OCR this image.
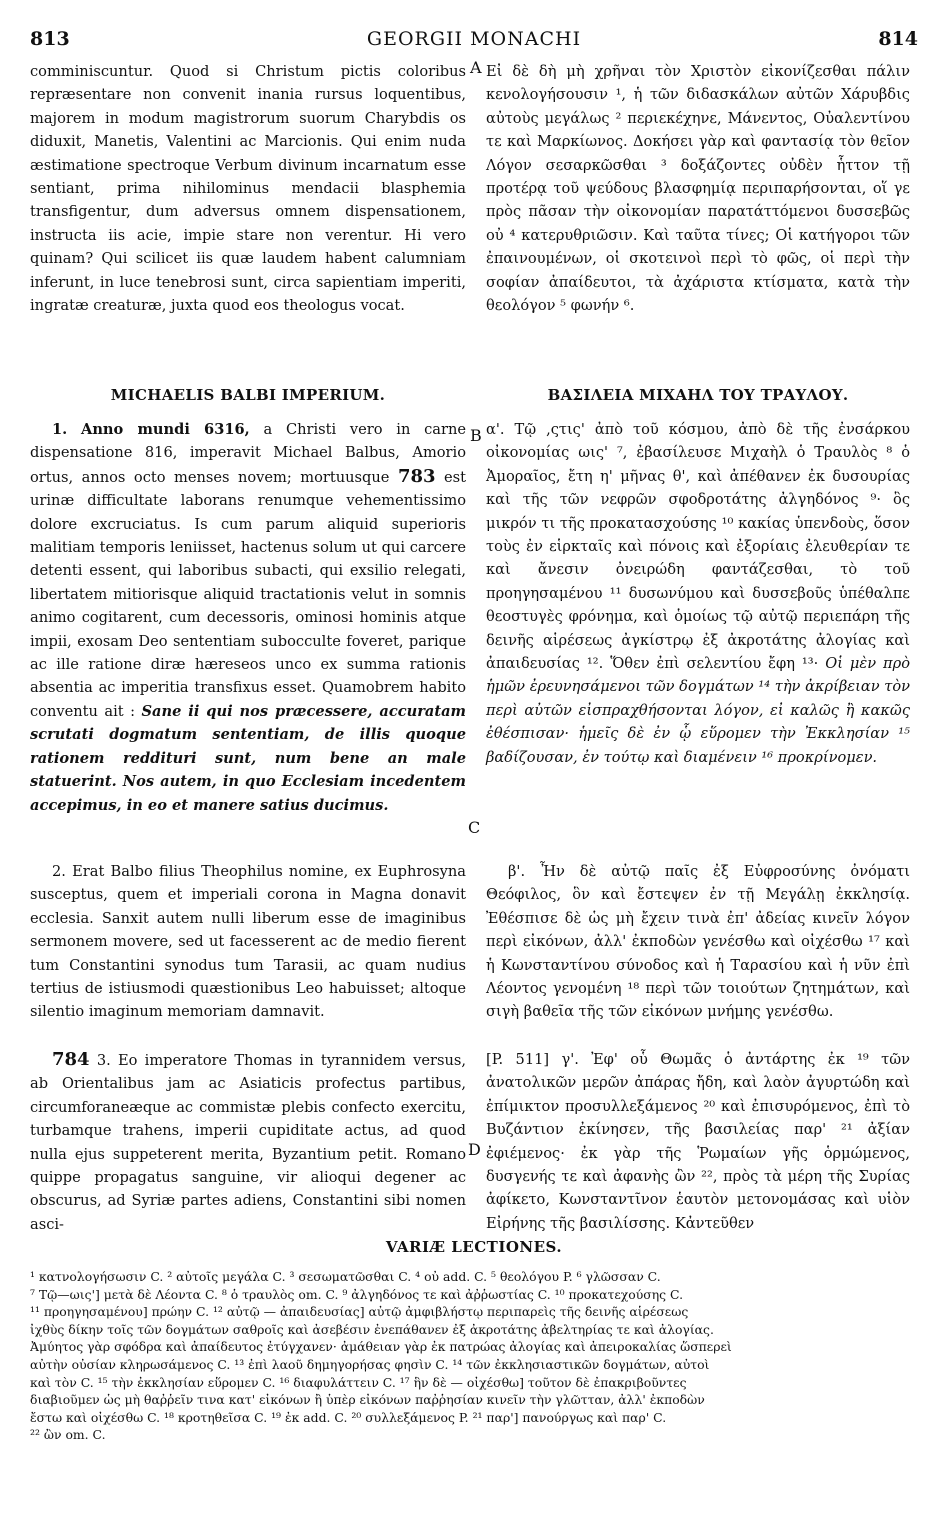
813	GEORGII MONACHI	814

comminiscuntur. Quod si Christum pictis coloribus repræsentare non convenit inania rursus loquentibus, majorem in modum magistrorum suorum Charybdis os diduxit, Manetis, Valentini ac Marcionis. Qui enim nuda æstimatione spectroque Verbum divinum incarnatum esse sentiant, prima nihilominus mendacii blasphemia transfigentur, dum adversus omnem dispensationem, instructa iis acie, impie stare non verentur. Hi vero quinam? Qui scilicet iis quæ laudem habent calumniam inferunt, in luce tenebrosi sunt, circa sapientiam imperiti, ingratæ creaturæ, juxta quod eos theologus vocat.

MICHAELIS BALBI IMPERIUM.

1. Anno mundi 6316, a Christi vero in carne dispensatione 816, imperavit Michael Balbus, Amorio ortus, annos octo menses novem; mortuusque 783 est urinæ difficultate laborans renumque vehementissimo dolore excruciatus. Is cum parum aliquid superioris malitiam temporis leniisset, hactenus solum ut qui carcere detenti essent, qui laboribus subacti, qui exsilio relegati, libertatem mitiorisque aliquid tractationis velut in somnis animo cogitarent, cum decessoris, ominosi hominis atque impii, exosam Deo sententiam subocculte foveret, parique ac ille ratione diræ hæreseos unco ex summa rationis absentia ac imperitia transfixus esset. Quamobrem habito conventu ait : Sane ii qui nos præcessere, accuratam scrutati dogmatum sententiam, de illis quoque rationem reddituri sunt, num bene an male statuerint. Nos autem, in quo Ecclesiam incedentem accepimus, in eo et manere satius ducimus.

2. Erat Balbo filius Theophilus nomine, ex Euphrosyna susceptus, quem et imperiali corona in Magna donavit ecclesia. Sanxit autem nulli liberum esse de imaginibus sermonem movere, sed ut facesserent ac de medio fierent tum Constantini synodus tum Tarasii, ac quam nudius tertius de istiusmodi quæstionibus Leo habuisset; altoque silentio imaginum memoriam damnavit.

784 3. Eo imperatore Thomas in tyrannidem versus, ab Orientalibus jam ac Asiaticis profectus partibus, circumforaneæque ac commistæ plebis confecto exercitu, turbamque trahens, imperii cupiditate actus, ad quod nulla ejus suppeterent merita, Byzantium petit. Romano quippe propagatus sanguine, vir alioqui degener ac obscurus, ad Syriæ partes adiens, Constantini sibi nomen asci-

A
B
C
D

Εἰ δὲ δὴ μὴ χρῆναι τὸν Χριστὸν εἰκονίζεσθαι πάλιν κενολογήσουσιν ¹, ἡ τῶν διδασκάλων αὐτῶν Χάρυβδις αὐτοὺς μεγάλως ² περιεκέχηνε, Μάνεντος, Οὐαλεντίνου τε καὶ Μαρκίωνος. Δοκήσει γὰρ καὶ φαντασίᾳ τὸν θεῖον Λόγον σεσαρκῶσθαι ³ δοξάζοντες οὐδὲν ἧττον τῇ προτέρᾳ τοῦ ψεύδους βλασφημίᾳ περιπαρήσονται, οἵ γε πρὸς πᾶσαν τὴν οἰκονομίαν παρατάττόμενοι δυσσεβῶς οὐ ⁴ κατερυθριῶσιν. Καὶ ταῦτα τίνες; Οἱ κατήγοροι τῶν ἐπαινουμένων, οἱ σκοτεινοὶ περὶ τὸ φῶς, οἱ περὶ τὴν σοφίαν ἀπαίδευτοι, τὰ ἀχάριστα κτίσματα, κατὰ τὴν θεολόγον ⁵ φωνήν ⁶.

ΒΑΣΙΛΕΙΑ ΜΙΧΑΗΛ ΤΟΥ ΤΡΑΥΛΟΥ.

α'. Τῷ ,ςτις' ἀπὸ τοῦ κόσμου, ἀπὸ δὲ τῆς ἐνσάρκου οἰκονομίας ωις' ⁷, ἐβασίλευσε Μιχαὴλ ὁ Τραυλὸς ⁸ ὁ Ἀμοραῖος, ἔτη η' μῆνας θ', καὶ ἀπέθανεν ἐκ δυσουρίας καὶ τῆς τῶν νεφρῶν σφοδροτάτης ἀλγηδόνος ⁹· ὃς μικρόν τι τῆς προκατασχούσης ¹⁰ κακίας ὑπενδοὺς, ὅσον τοὺς ἐν εἱρκταῖς καὶ πόνοις καὶ ἐξορίαις ἐλευθερίαν τε καὶ ἄνεσιν ὀνειρώδη φαντάζεσθαι, τὸ τοῦ προηγησαμένου ¹¹ δυσωνύμου καὶ δυσσεβοῦς ὑπέθαλπε θεοστυγὲς φρόνημα, καὶ ὁμοίως τῷ αὐτῷ περιεπάρη τῆς δεινῆς αἱρέσεως ἀγκίστρῳ ἐξ ἀκροτάτης ἀλογίας καὶ ἀπαιδευσίας ¹². Ὅθεν ἐπὶ σελεντίου ἔφη ¹³· Οἱ μὲν πρὸ ἡμῶν ἐρευνησάμενοι τῶν δογμάτων ¹⁴ τὴν ἀκρίβειαν τὸν περὶ αὐτῶν εἰσπραχθήσονται λόγον, εἰ καλῶς ἢ κακῶς ἐθέσπισαν· ἡμεῖς δὲ ἐν ᾧ εὕρομεν τὴν Ἐκκλησίαν ¹⁵ βαδίζουσαν, ἐν τούτῳ καὶ διαμένειν ¹⁶ προκρίνομεν.

β'. Ἦν δὲ αὐτῷ παῖς ἐξ Εὐφροσύνης ὀνόματι Θεόφιλος, ὃν καὶ ἔστεψεν ἐν τῇ Μεγάλῃ ἐκκλησίᾳ. Ἐθέσπισε δὲ ὡς μὴ ἔχειν τινὰ ἐπ' ἀδείας κινεῖν λόγον περὶ εἰκόνων, ἀλλ' ἐκποδὼν γενέσθω καὶ οἰχέσθω ¹⁷ καὶ ἡ Κωνσταντίνου σύνοδος καὶ ἡ Ταρασίου καὶ ἡ νῦν ἐπὶ Λέοντος γενομένη ¹⁸ περὶ τῶν τοιούτων ζητημάτων, καὶ σιγὴ βαθεῖα τῆς τῶν εἰκόνων μνήμης γενέσθω.

[P. 511] γ'. Ἐφ' οὗ Θωμᾶς ὁ ἀντάρτης ἐκ ¹⁹ τῶν ἀνατολικῶν μερῶν ἀπάρας ἤδη, καὶ λαὸν ἀγυρτώδη καὶ ἐπίμικτον προσυλλεξάμενος ²⁰ καὶ ἐπισυρόμενος, ἐπὶ τὸ Βυζάντιον ἐκίνησεν, τῆς βασιλείας παρ' ²¹ ἀξίαν ἐφιέμενος· ἐκ γὰρ τῆς Ῥωμαίων γῆς ὁρμώμενος, δυσγενής τε καὶ ἀφανὴς ὢν ²², πρὸς τὰ μέρη τῆς Συρίας ἀφίκετο, Κωνσταντῖνον ἑαυτὸν μετονομάσας καὶ υἱὸν Εἰρήνης τῆς βασιλίσσης. Κἀντεῦθεν

VARIÆ LECTIONES.
¹ κατνολογήσωσιν C. ² αὐτοῖς μεγάλα C. ³ σεσωματῶσθαι C. ⁴ οὐ add. C. ⁵ θεολόγου P. ⁶ γλῶσσαν C.
⁷ Τῷ—ωις'] μετὰ δὲ Λέοντα C. ⁸ ὁ τραυλὸς om. C. ⁹ ἀλγηδόνος τε καὶ ἀῤῥωστίας C. ¹⁰ προκατεχούσης C.
¹¹ προηγησαμένου] πρώην C. ¹² αὐτῷ — ἀπαιδευσίας] αὐτῷ ἀμφιβλήστῳ περιπαρεὶς τῆς δεινῆς αἱρέσεως
ἰχθὺς δίκην τοῖς τῶν δογμάτων σαθροῖς καὶ ἀσεβέσιν ἐνεπάθανεν ἐξ ἀκροτάτης ἀβελτηρίας τε καὶ ἀλογίας.
Ἀμύητος γὰρ σφόδρα καὶ ἀπαίδευτος ἐτύγχανεν· ἀμάθειαν γὰρ ἐκ πατρώας ἀλογίας καὶ ἀπειροκαλίας ὥσπερεὶ
αὐτὴν οὐσίαν κληρωσάμενος C. ¹³ ἐπὶ λαοῦ δημηγορήσας φησὶν C. ¹⁴ τῶν ἐκκλησιαστικῶν δογμάτων, αὐτοὶ
καὶ τὸν C. ¹⁵ τὴν ἐκκλησίαν εὕρομεν C. ¹⁶ διαφυλάττειν C. ¹⁷ ἣν δὲ — οἰχέσθω] τοῦτον δὲ ἐπακριβοῦντες
διαβιοῦμεν ὡς μὴ θαῤῥεῖν τινα κατ' εἰκόνων ἢ ὑπὲρ εἰκόνων παῤῥησίαν κινεῖν τὴν γλῶτταν, ἀλλ' ἐκποδὼν
ἔστω καὶ οἰχέσθω C. ¹⁸ κροτηθεῖσα C. ¹⁹ ἐκ add. C. ²⁰ συλλεξάμενος P. ²¹ παρ'] πανούργως καὶ παρ' C.
²² ὢν om. C.
